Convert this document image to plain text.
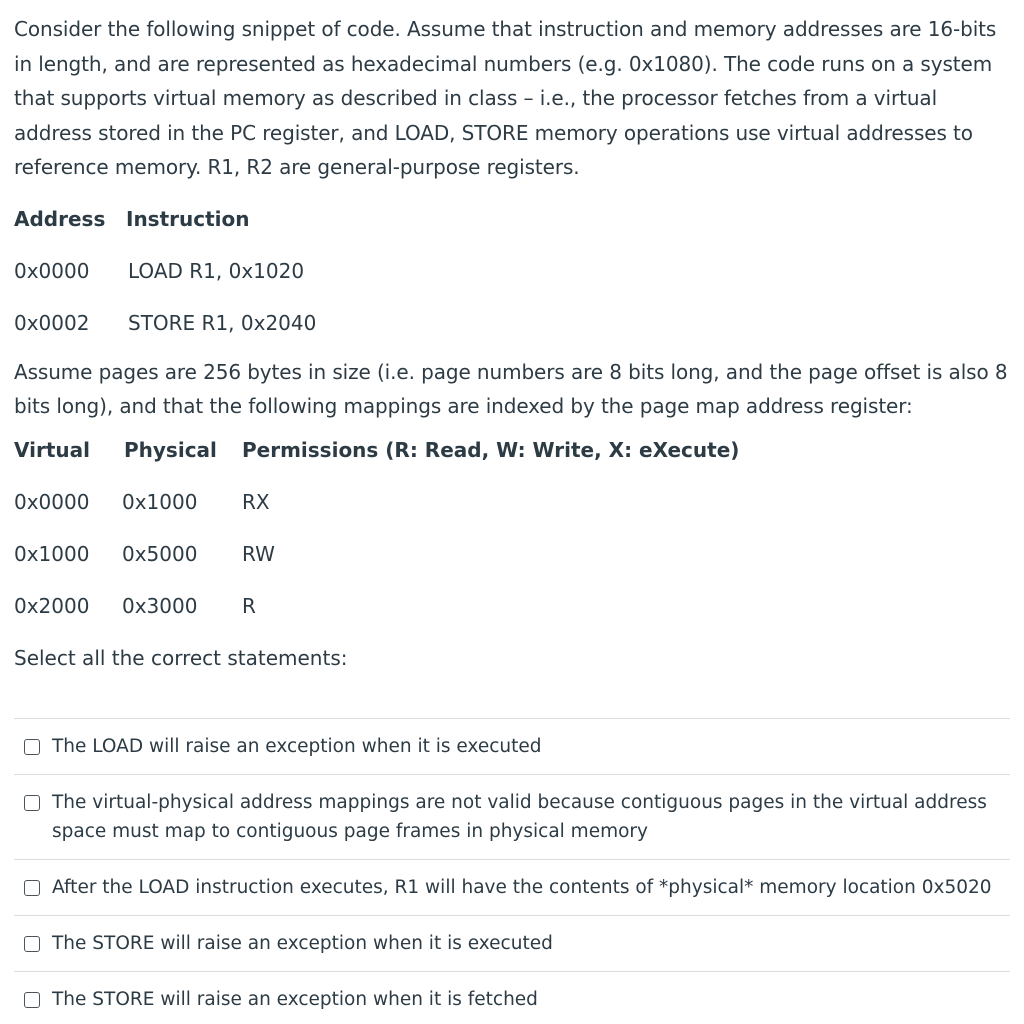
Consider the following snippet of code. Assume that instruction and memory addresses are 16-bits in length, and are represented as hexadecimal numbers (e.g. 0x1080). The code runs on a system that supports virtual memory as described in class – i.e., the processor fetches from a virtual address stored in the PC register, and LOAD, STORE memory operations use virtual addresses to reference memory. R1, R2 are general-purpose registers.

Address	Instruction
0x0000	LOAD R1, 0x1020
0x0002	STORE R1, 0x2040

Assume pages are 256 bytes in size (i.e. page numbers are 8 bits long, and the page offset is also 8 bits long), and that the following mappings are indexed by the page map address register:

Virtual	Physical	Permissions (R: Read, W: Write, X: eXecute)
0x0000	0x1000	RX
0x1000	0x5000	RW
0x2000	0x3000	R
Select all the correct statements:
The LOAD will raise an exception when it is executed
The virtual-physical address mappings are not valid because contiguous pages in the virtual address space must map to contiguous page frames in physical memory
After the LOAD instruction executes, R1 will have the contents of *physical* memory location 0x5020
The STORE will raise an exception when it is executed
The STORE will raise an exception when it is fetched
